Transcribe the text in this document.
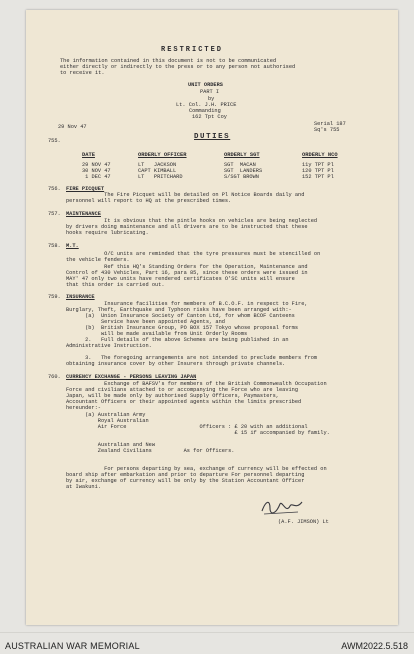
RESTRICTED
The information contained in this document is not to be communicated
either directly or indirectly to the press or to any person not authorised
to receive it.
UNIT ORDERS
PART I
by
Lt. Col. J.H. PRICE
Commanding
162 Tpt Coy
29 Nov 47	Serial 187
Sq's 755
755.	DUTIES
DATE	ORDERLY OFFICER	ORDERLY SGT	ORDERLY NCO
29 NOV 47	LT   JACKSON	SGT  MACAN	11y TPT Pl
30 NOV 47	CAPT KIMBALL	SGT  LANDERS	120 TPT Pl
1 DEC 47	LT   PRITCHARD	S/SGT BROWN	152 TPT Pl
756. FIRE PICQUET
The Fire Picquet will be detailed on Pl Notice Boards daily and
personnel will report to HQ at the prescribed times.
757. MAINTENANCE
It is obvious that the pintle hooks on vehicles are being neglected
by drivers doing maintenance and all drivers are to be instructed that these
hooks require lubricating.
758. M.T.
O/C units are reminded that the tyre pressures must be stencilled on
the vehicle fenders.
Ref this HQ's Standing Orders for the Operation, Maintenance and
Control of 430 Vehicles, Part 16, para 85, since these orders were issued in
MAY' 47 only two units have rendered certificates O'SC units will ensure
that this order is carried out.
759. INSURANCE
Insurance facilities for members of B.C.O.F. in respect to Fire,
Burglary, Theft, Earthquake and Typhoon risks have been arranged with:-
(a)  Union Insurance Society of Canton Ltd, for whom BCOF Canteens
Service have been appointed Agents, and
(b)  British Insurance Group, PO BOX 157 Tokyo whose proposal forms
will be made available from Unit Orderly Rooms
2.   Full details of the above Schemes are being published in an
Administrative Instruction.
3.   The foregoing arrangements are not intended to preclude members from
obtaining insurance cover by other Insurers through private channels.
760. CURRENCY EXCHANGE - PERSONS LEAVING JAPAN
Exchange of BAFSV's for members of the British Commonwealth Occupation
Force and civilians attached to or accompanying the Force who are leaving
Japan, will be made only by authorised Supply Officers, Paymasters,
Accountant Officers or their appointed agents within the limits prescribed
hereunder:-
(a) Australian Army
Royal Australian
Air Force                       Officers : £ 20 with an additional
£ 15 if accompanied by family.
Australian and New
Zealand Civilians          As for Officers.
For persons departing by sea, exchange of currency will be effected on
board ship after embarkation and prior to departure For personnel departing
by air, exchange of currency will be only by the Station Accountant Officer
at Iwakuni.
(A.F. JIMSON) Lt
AUSTRALIAN WAR MEMORIAL	AWM2022.5.518
